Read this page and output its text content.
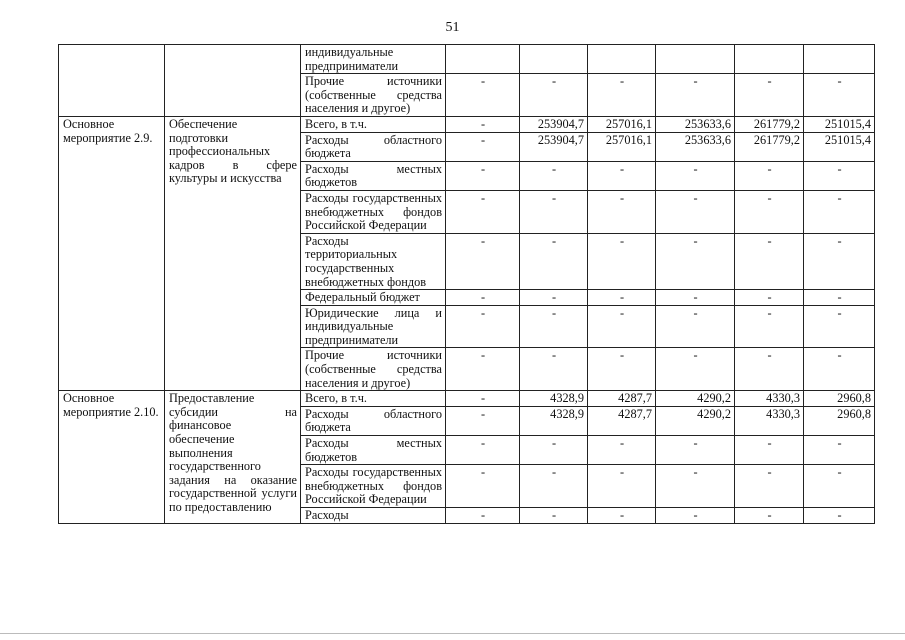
51
		индивидуальные предприниматели						
		Прочие источники (собственные средства населения и другое)	-	-	-	-	-	-
Основное мероприятие 2.9.	Обеспечение подготовки профессиональных кадров в сфере культуры и искусства	Всего, в т.ч.	-	253904,7	257016,1	253633,6	261779,2	251015,4
		Расходы областного бюджета	-	253904,7	257016,1	253633,6	261779,2	251015,4
		Расходы местных бюджетов	-	-	-	-	-	-
		Расходы государственных внебюджетных фондов Российской Федерации	-	-	-	-	-	-
		Расходы территориальных государственных внебюджетных фондов	-	-	-	-	-	-
		Федеральный бюджет	-	-	-	-	-	-
		Юридические лица и индивидуальные предприниматели	-	-	-	-	-	-
		Прочие источники (собственные средства населения и другое)	-	-	-	-	-	-
Основное мероприятие 2.10.	Предоставление субсидии на финансовое обеспечение выполнения государственного задания на оказание государственной услуги по предоставлению	Всего, в т.ч.	-	4328,9	4287,7	4290,2	4330,3	2960,8
		Расходы областного бюджета	-	4328,9	4287,7	4290,2	4330,3	2960,8
		Расходы местных бюджетов	-	-	-	-	-	-
		Расходы государственных внебюджетных фондов Российской Федерации	-	-	-	-	-	-
		Расходы	-	-	-	-	-	-
